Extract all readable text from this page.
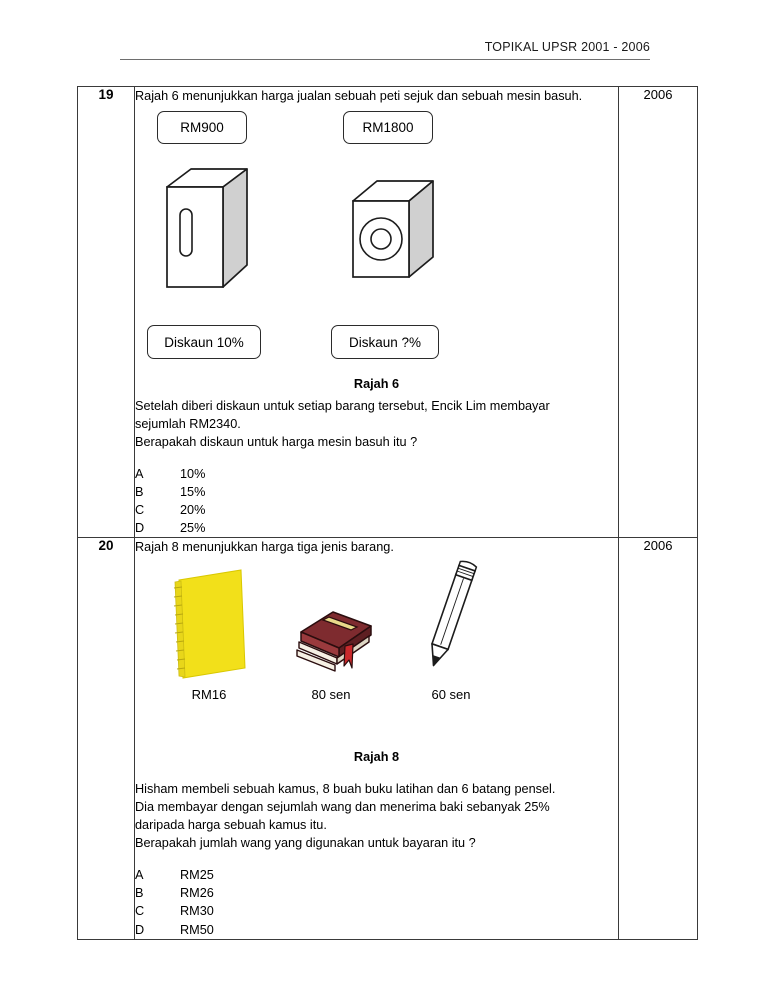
TOPIKAL UPSR 2001 - 2006
19	Rajah 6 menunjukkan harga jualan sebuah peti sejuk dan sebuah mesin basuh.
RM900	RM1800
Diskaun 10%	Diskaun ?%
Rajah 6
Setelah diberi diskaun untuk setiap barang tersebut, Encik Lim membayar sejumlah RM2340.
Berapakah diskaun untuk harga mesin basuh itu ?
A	10%
B	15%
C	20%
D	25%
	2006
20	Rajah 8 menunjukkan harga tiga jenis barang.
RM16	80 sen	60 sen
Rajah 8
Hisham membeli sebuah kamus, 8 buah buku latihan dan 6 batang pensel.
Dia membayar dengan sejumlah wang dan menerima baki sebanyak 25% daripada harga sebuah kamus itu.
Berapakah jumlah wang yang digunakan untuk bayaran itu ?
A	RM25
B	RM26
C	RM30
D	RM50
	2006
